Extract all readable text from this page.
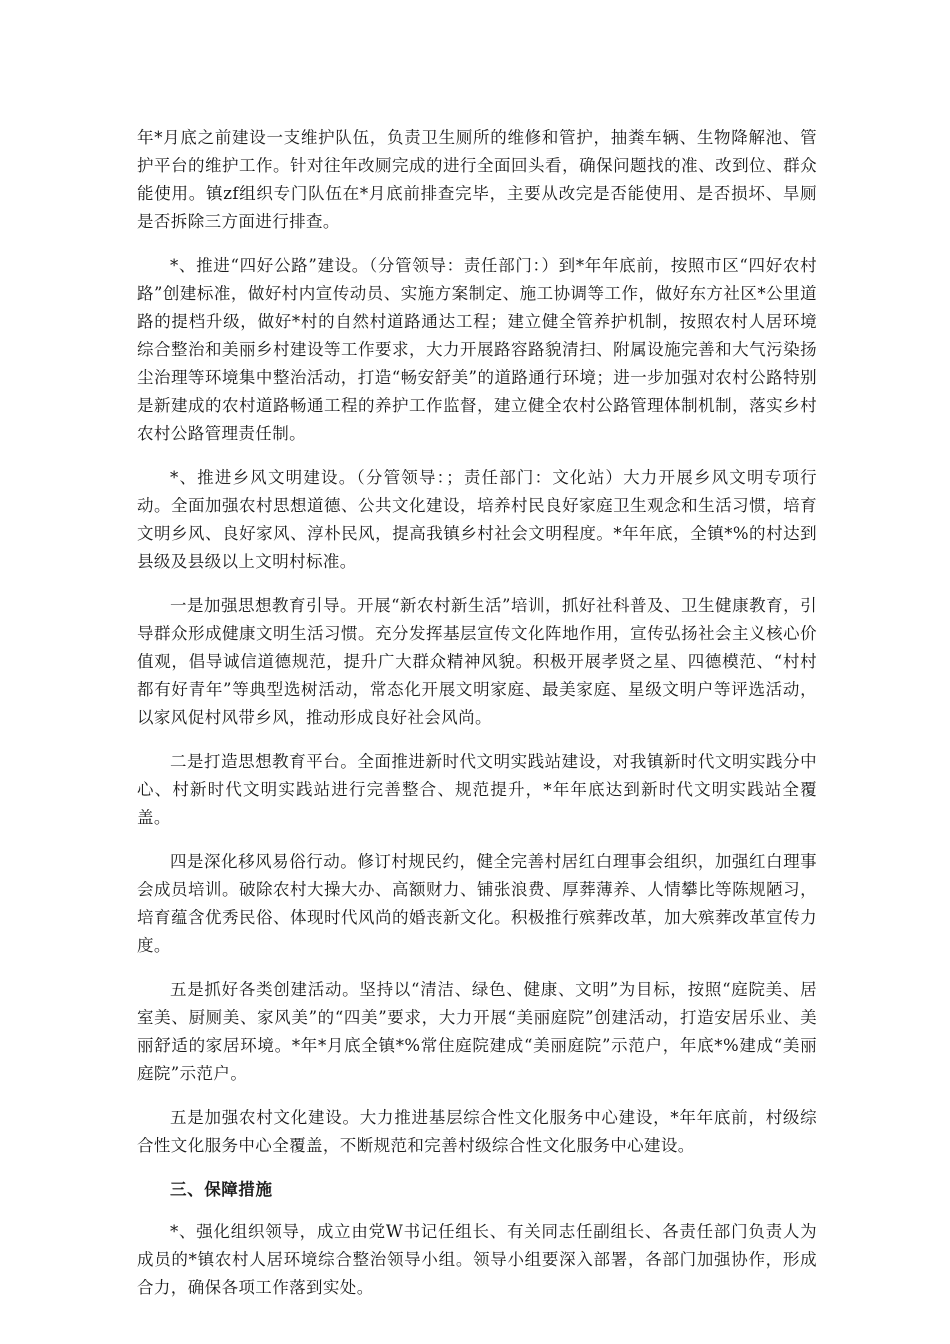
年*月底之前建设一支维护队伍，负责卫生厕所的维修和管护，抽粪车辆、生物降解池、管护平台的维护工作。针对往年改厕完成的进行全面回头看，确保问题找的准、改到位、群众能使用。镇zf组织专门队伍在*月底前排查完毕，主要从改完是否能使用、是否损坏、旱厕是否拆除三方面进行排查。

*、推进“四好公路”建设。（分管领导：责任部门：）到*年年底前，按照市区“四好农村路”创建标准，做好村内宣传动员、实施方案制定、施工协调等工作，做好东方社区*公里道路的提档升级，做好*村的自然村道路通达工程；建立健全管养护机制，按照农村人居环境综合整治和美丽乡村建设等工作要求，大力开展路容路貌清扫、附属设施完善和大气污染扬尘治理等环境集中整治活动，打造“畅安舒美”的道路通行环境；进一步加强对农村公路特别是新建成的农村道路畅通工程的养护工作监督，建立健全农村公路管理体制机制，落实乡村农村公路管理责任制。

*、推进乡风文明建设。（分管领导：；责任部门：文化站）大力开展乡风文明专项行动。全面加强农村思想道德、公共文化建设，培养村民良好家庭卫生观念和生活习惯，培育文明乡风、良好家风、淳朴民风，提高我镇乡村社会文明程度。*年年底，全镇*%的村达到县级及县级以上文明村标准。

一是加强思想教育引导。开展“新农村新生活”培训，抓好社科普及、卫生健康教育，引导群众形成健康文明生活习惯。充分发挥基层宣传文化阵地作用，宣传弘扬社会主义核心价值观，倡导诚信道德规范，提升广大群众精神风貌。积极开展孝贤之星、四德模范、“村村都有好青年”等典型选树活动，常态化开展文明家庭、最美家庭、星级文明户等评选活动，以家风促村风带乡风，推动形成良好社会风尚。

二是打造思想教育平台。全面推进新时代文明实践站建设，对我镇新时代文明实践分中心、村新时代文明实践站进行完善整合、规范提升，*年年底达到新时代文明实践站全覆盖。

四是深化移风易俗行动。修订村规民约，健全完善村居红白理事会组织，加强红白理事会成员培训。破除农村大操大办、高额财力、铺张浪费、厚葬薄养、人情攀比等陈规陋习，培育蕴含优秀民俗、体现时代风尚的婚丧新文化。积极推行殡葬改革，加大殡葬改革宣传力度。

五是抓好各类创建活动。坚持以“清洁、绿色、健康、文明”为目标，按照“庭院美、居室美、厨厕美、家风美”的“四美”要求，大力开展“美丽庭院”创建活动，打造安居乐业、美丽舒适的家居环境。*年*月底全镇*%常住庭院建成“美丽庭院”示范户，年底*%建成“美丽庭院”示范户。

五是加强农村文化建设。大力推进基层综合性文化服务中心建设，*年年底前，村级综合性文化服务中心全覆盖，不断规范和完善村级综合性文化服务中心建设。

三、保障措施

*、强化组织领导，成立由党W书记任组长、有关同志任副组长、各责任部门负责人为成员的*镇农村人居环境综合整治领导小组。领导小组要深入部署，各部门加强协作，形成合力，确保各项工作落到实处。
